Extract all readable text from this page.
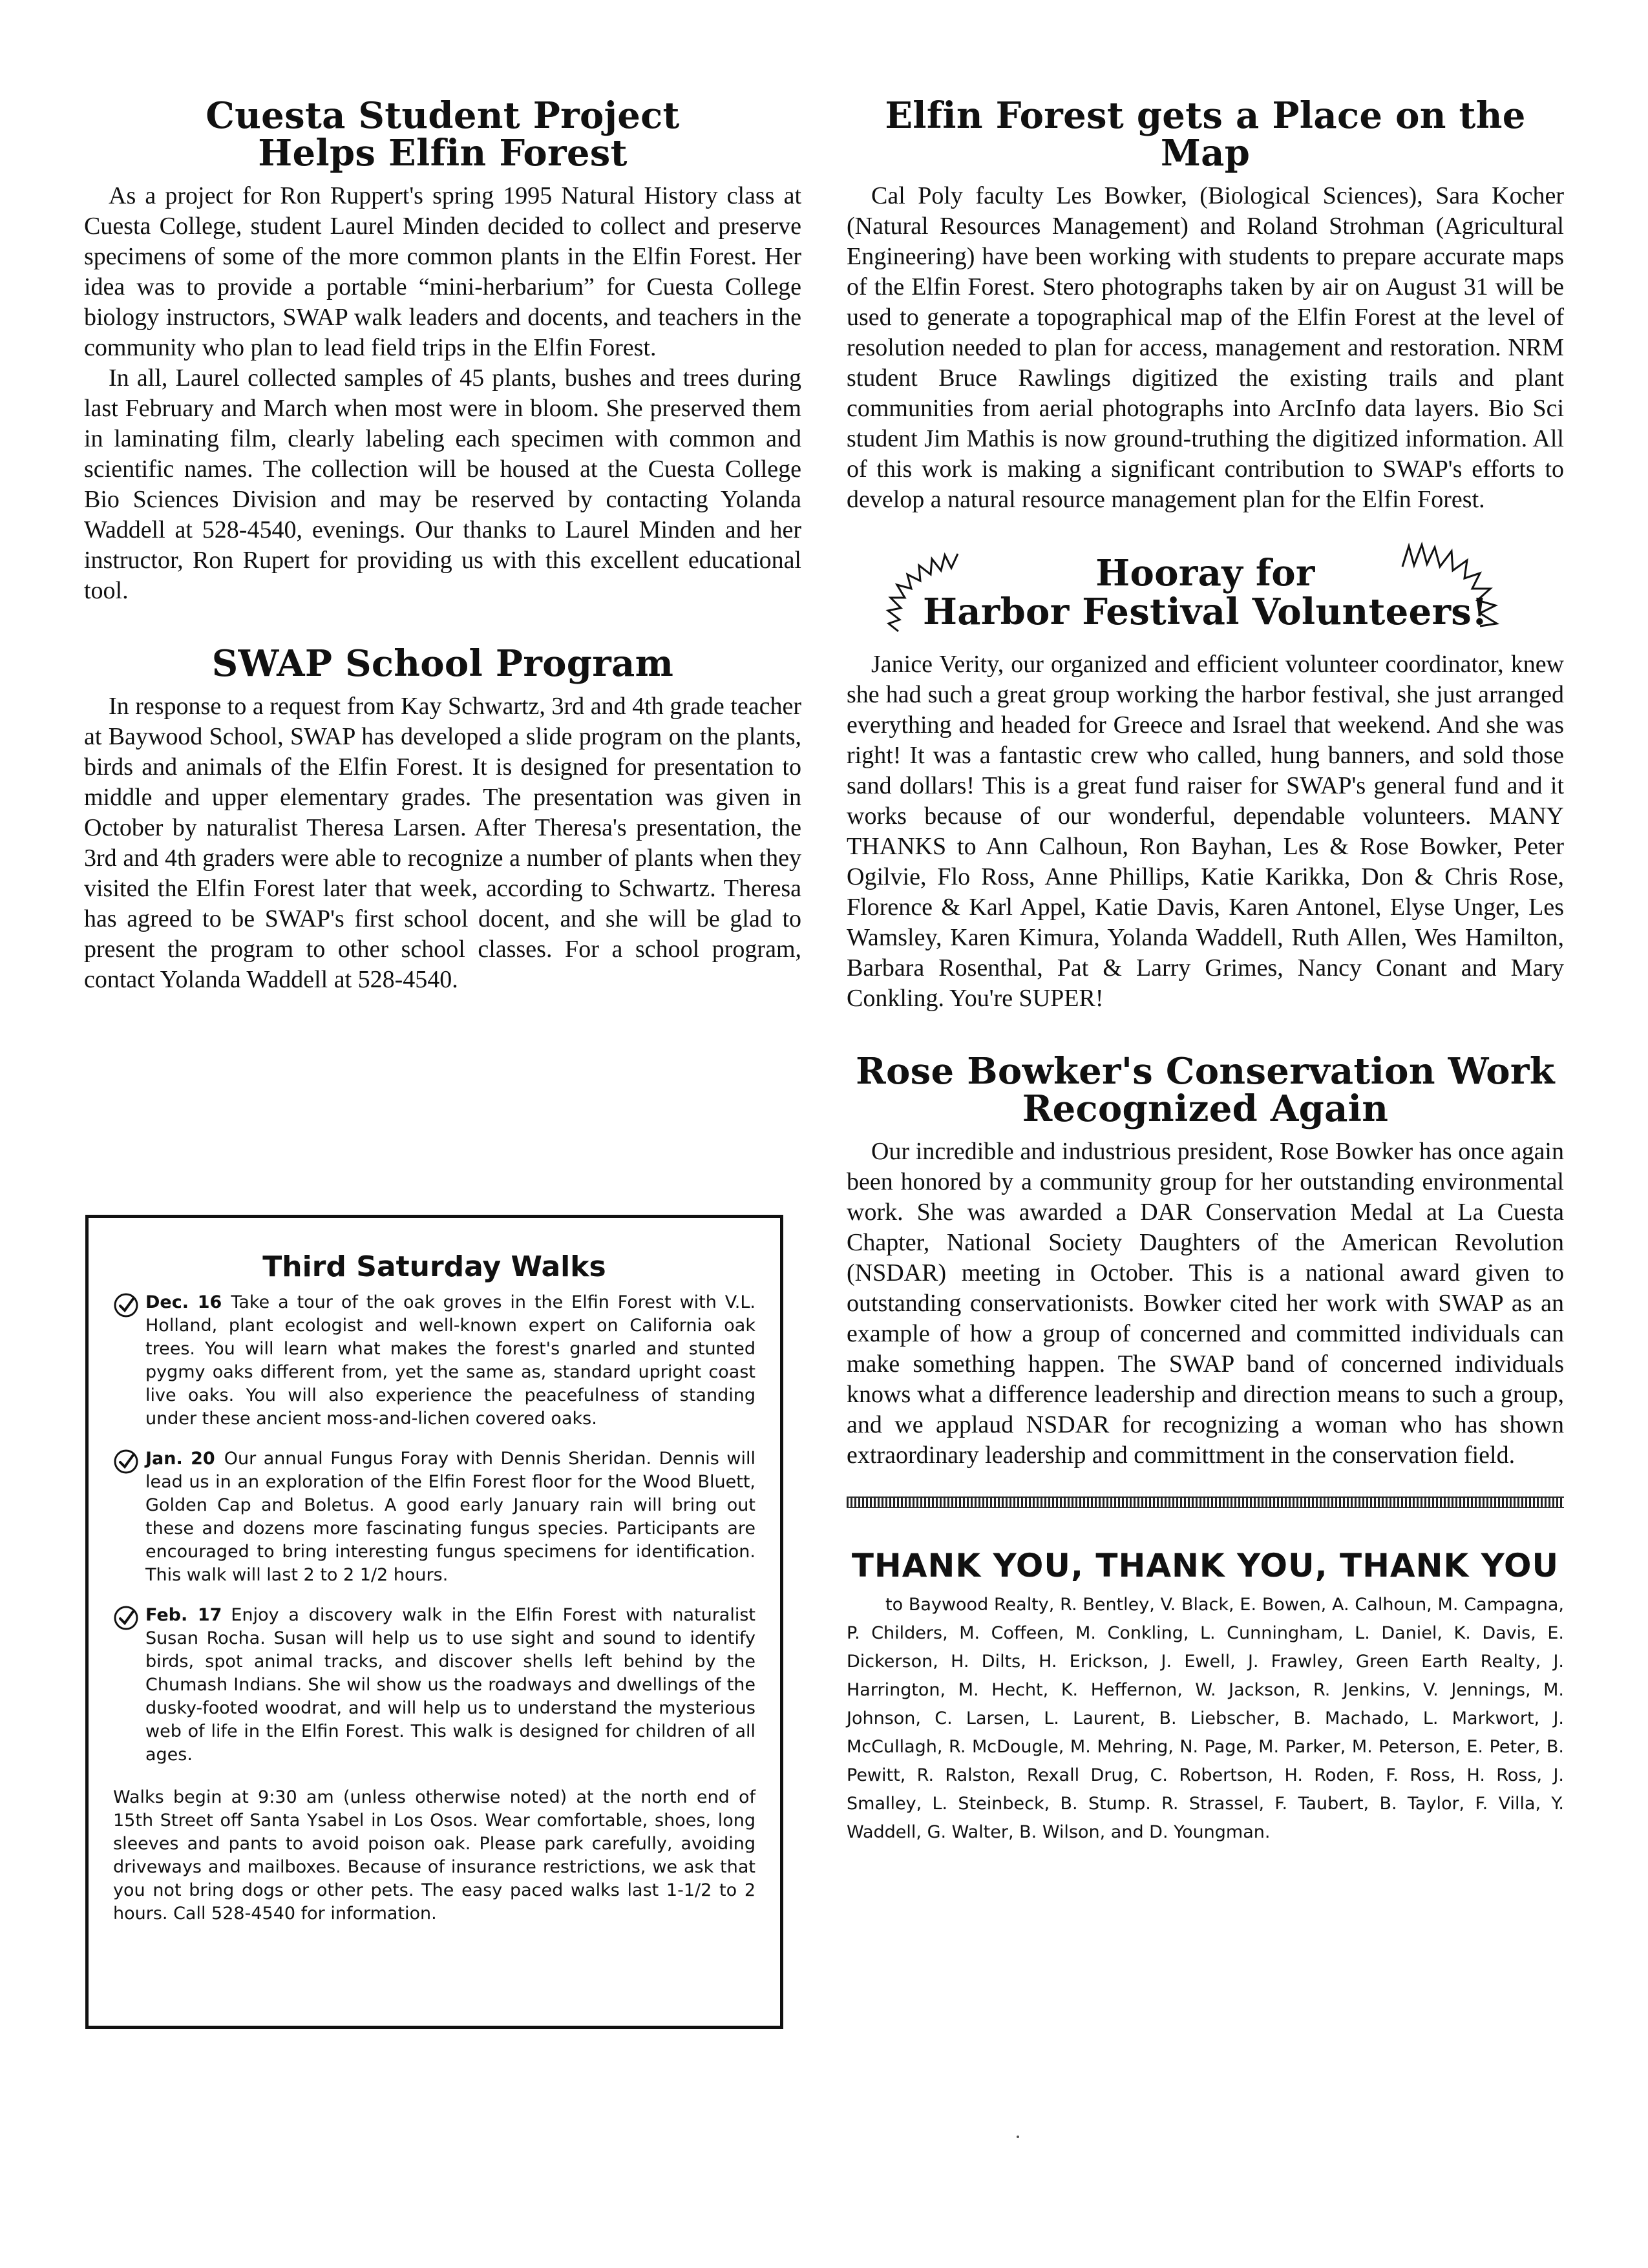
Cuesta Student Project
Helps Elfin Forest

As a project for Ron Ruppert's spring 1995 Natural History class at Cuesta College, student Laurel Minden decided to collect and preserve specimens of some of the more common plants in the Elfin Forest. Her idea was to provide a portable “mini-herbarium” for Cuesta College biology instructors, SWAP walk leaders and docents, and teachers in the community who plan to lead field trips in the Elfin Forest.

In all, Laurel collected samples of 45 plants, bushes and trees during last February and March when most were in bloom. She preserved them in laminating film, clearly labeling each specimen with common and scientific names. The collection will be housed at the Cuesta College Bio Sciences Division and may be reserved by contacting Yolanda Waddell at 528-4540, evenings. Our thanks to Laurel Minden and her instructor, Ron Rupert for providing us with this excellent educational tool.

SWAP School Program

In response to a request from Kay Schwartz, 3rd and 4th grade teacher at Baywood School, SWAP has developed a slide program on the plants, birds and animals of the Elfin Forest. It is designed for presentation to middle and upper elementary grades. The presentation was given in October by naturalist Theresa Larsen. After Theresa's presentation, the 3rd and 4th graders were able to recognize a number of plants when they visited the Elfin Forest later that week, according to Schwartz. Theresa has agreed to be SWAP's first school docent, and she will be glad to present the program to other school classes. For a school program, contact Yolanda Waddell at 528-4540.

Third Saturday Walks

Dec. 16 Take a tour of the oak groves in the Elfin Forest with V.L. Holland, plant ecologist and well-known expert on California oak trees. You will learn what makes the forest's gnarled and stunted pygmy oaks different from, yet the same as, standard upright coast live oaks. You will also experience the peacefulness of standing under these ancient moss-and-lichen covered oaks.

Jan. 20 Our annual Fungus Foray with Dennis Sheridan. Dennis will lead us in an exploration of the Elfin Forest floor for the Wood Bluett, Golden Cap and Boletus. A good early January rain will bring out these and dozens more fascinating fungus species. Participants are encouraged to bring interesting fungus specimens for identification. This walk will last 2 to 2 1/2 hours.

Feb. 17 Enjoy a discovery walk in the Elfin Forest with naturalist Susan Rocha. Susan will help us to use sight and sound to identify birds, spot animal tracks, and discover shells left behind by the Chumash Indians. She wil show us the roadways and dwellings of the dusky-footed woodrat, and will help us to understand the mysterious web of life in the Elfin Forest. This walk is designed for children of all ages.

Walks begin at 9:30 am (unless otherwise noted) at the north end of 15th Street off Santa Ysabel in Los Osos. Wear comfortable, shoes, long sleeves and pants to avoid poison oak. Please park carefully, avoiding driveways and mailboxes. Because of insurance restrictions, we ask that you not bring dogs or other pets. The easy paced walks last 1-1/2 to 2 hours. Call 528-4540 for information.

Elfin Forest gets a Place on the Map

Cal Poly faculty Les Bowker, (Biological Sciences), Sara Kocher (Natural Resources Management) and Roland Strohman (Agricultural Engineering) have been working with students to prepare accurate maps of the Elfin Forest. Stero photographs taken by air on August 31 will be used to generate a topographical map of the Elfin Forest at the level of resolution needed to plan for access, management and restoration. NRM student Bruce Rawlings digitized the existing trails and plant communities from aerial photographs into ArcInfo data layers. Bio Sci student Jim Mathis is now ground-truthing the digitized information. All of this work is making a significant contribution to SWAP's efforts to develop a natural resource management plan for the Elfin Forest.

Hooray for
Harbor Festival Volunteers!

Janice Verity, our organized and efficient volunteer coordinator, knew she had such a great group working the harbor festival, she just arranged everything and headed for Greece and Israel that weekend. And she was right! It was a fantastic crew who called, hung banners, and sold those sand dollars! This is a great fund raiser for SWAP's general fund and it works because of our wonderful, dependable volunteers. MANY THANKS to Ann Calhoun, Ron Bayhan, Les & Rose Bowker, Peter Ogilvie, Flo Ross, Anne Phillips, Katie Karikka, Don & Chris Rose, Florence & Karl Appel, Katie Davis, Karen Antonel, Elyse Unger, Les Wamsley, Karen Kimura, Yolanda Waddell, Ruth Allen, Wes Hamilton, Barbara Rosenthal, Pat & Larry Grimes, Nancy Conant and Mary Conkling. You're SUPER!

Rose Bowker's Conservation Work
Recognized Again

Our incredible and industrious president, Rose Bowker has once again been honored by a community group for her outstanding environmental work. She was awarded a DAR Conservation Medal at La Cuesta Chapter, National Society Daughters of the American Revolution (NSDAR) meeting in October. This is a national award given to outstanding conservationists. Bowker cited her work with SWAP as an example of how a group of concerned and committed individuals can make something happen. The SWAP band of concerned individuals knows what a difference leadership and direction means to such a group, and we applaud NSDAR for recognizing a woman who has shown extraordinary leadership and committment in the conservation field.

THANK YOU, THANK YOU, THANK YOU

to Baywood Realty, R. Bentley, V. Black, E. Bowen, A. Calhoun, M. Campagna, P. Childers, M. Coffeen, M. Conkling, L. Cunningham, L. Daniel, K. Davis, E. Dickerson, H. Dilts, H. Erickson, J. Ewell, J. Frawley, Green Earth Realty, J. Harrington, M. Hecht, K. Heffernon, W. Jackson, R. Jenkins, V. Jennings, M. Johnson, C. Larsen, L. Laurent, B. Liebscher, B. Machado, L. Markwort, J. McCullagh, R. McDougle, M. Mehring, N. Page, M. Parker, M. Peterson, E. Peter, B. Pewitt, R. Ralston, Rexall Drug, C. Robertson, H. Roden, F. Ross, H. Ross, J. Smalley, L. Steinbeck, B. Stump. R. Strassel, F. Taubert, B. Taylor, F. Villa, Y. Waddell, G. Walter, B. Wilson, and D. Youngman.
